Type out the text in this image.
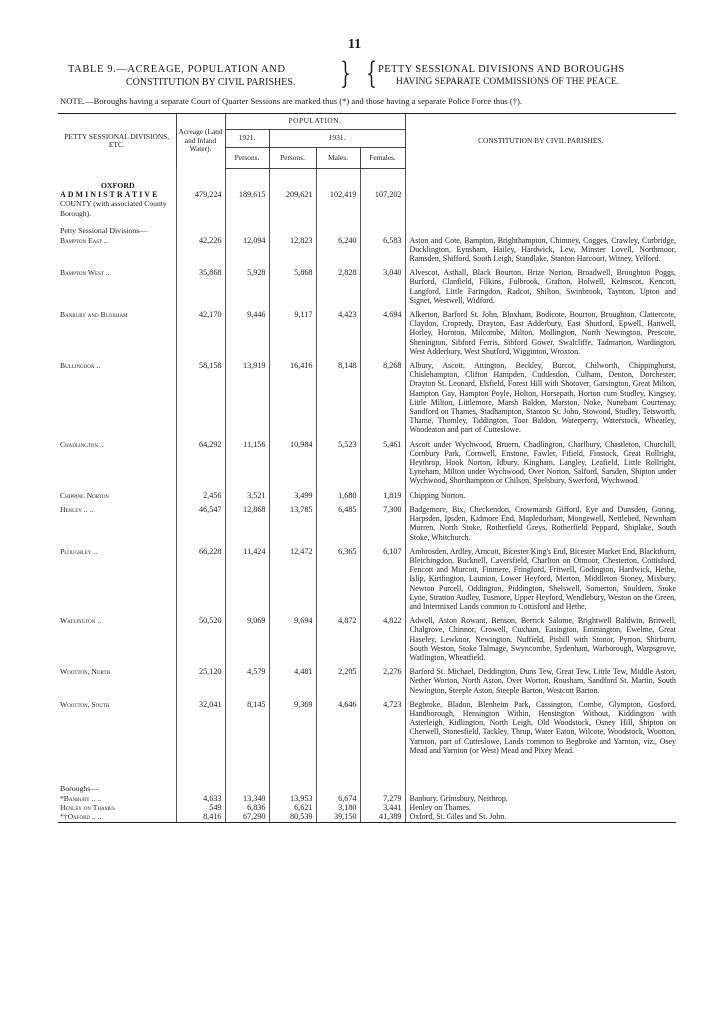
11
TABLE 9.—ACREAGE, POPULATION AND
CONSTITUTION BY CIVIL PARISHES.	} { PETTY SESSIONAL DIVISIONS AND BOROUGHS
HAVING SEPARATE COMMISSIONS OF THE PEACE.
NOTE.—Boroughs having a separate Court of Quarter Sessions are marked thus (*) and those having a separate Police Force thus (†).
PETTY SESSIONAL DIVISIONS, ETC.	Acreage (Land and Inland Water).	POPULATION.				CONSTITUTION BY CIVIL PARISHES.
		1921.	1931.			
		Persons.	Persons.	Males.	Females.	

OXFORD
ADMINISTRATIVE
COUNTY (with associated County Borough).	479,224	189,615	209,621	102,419	107,202	

Petty Sessional Divisions—						
Bampton East ..	42,226	12,094	12,823	6,240	6,583	Aston and Cote, Bampton, Brighthampton, Chimney, Cogges, Crawley, Curbridge, Ducklington, Eynsham, Hailey, Hardwick, Lew, Minster Lovell, Northmoor, Ramsden, Shifford, South Leigh, Standlake, Stanton Harcourt, Witney, Yelford.
Bampton West ..	35,868	5,928	5,868	2,828	3,040	Alvescot, Asthall, Black Bourton, Brize Norton, Broadwell, Broughton Poggs, Burford, Clanfield, Filkins, Fulbrook, Grafton, Holwell, Kelmscot, Kencott, Langford, Little Faringdon, Radcot, Shilton, Swinbrook, Taynton, Upton and Signet, Westwell, Widford.
Banbury and Bloxham	42,170	9,446	9,117	4,423	4,694	Alkerton, Barford St. John, Bloxham, Bodicote, Bourton, Broughton, Clattercote, Claydon, Cropredy, Drayton, East Adderbury, East Shutford, Epwell, Hanwell, Horley, Hornton, Milcombe, Milton, Mollington, North Newington, Prescote, Shenington, Sibford Ferris, Sibford Gower, Swalcliffe, Tadmarton, Wardington, West Adderbury, West Shutford, Wigginton, Wroxton.
Bullingdon ..	58,158	13,919	16,416	8,148	8,268	Albury, Ascott, Attington, Beckley, Burcot, Chilworth, Chippinghurst, Chislehampton, Clifton Hampden, Cuddesdon, Culham, Denton, Dorchester, Drayton St. Leonard, Elsfield, Forest Hill with Shotover, Garsington, Great Milton, Hampton Gay, Hampton Poyle, Holton, Horsepath, Horton cum Studley, Kingsey, Little Milton, Littlemore, Marsh Baldon, Marston, Noke, Nuneham Courtenay, Sandford on Thames, Stadhampton, Stanton St. John, Stowood, Studley, Tetsworth, Thame, Thomley, Tiddington, Toot Baldon, Waterperry, Waterstock, Wheatley, Woodeaton and part of Cutteslowe.
Chadlington ..	64,292	11,156	10,984	5,523	5,461	Ascott under Wychwood, Bruern, Chadlington, Charlbury, Chastleton, Churchill, Cornbury Park, Cornwell, Enstone, Fawler, Fifield, Finstock, Great Rollright, Heythrop, Hook Norton, Idbury, Kingham, Langley, Leafield, Little Rollright, Lyneham, Milton under Wychwood, Over Norton, Salford, Sarsden, Shipton under Wychwood, Shorthampton or Chilson, Spelsbury, Swerford, Wychwood.
Chipping Norton	2,456	3,521	3,499	1,680	1,819	Chipping Norton.
Henley .. ..	46,547	12,868	13,785	6,485	7,300	Badgemore, Bix, Checkendon, Crowmarsh Gifford, Eye and Dunsden, Goring, Harpsden, Ipsden, Kidmore End, Mapledurham, Mongewell, Nettlebed, Newnham Murren, North Stoke, Rotherfield Greys, Rotherfield Peppard, Shiplake, South Stoke, Whitchurch.
Ploughley ..	66,228	11,424	12,472	6,365	6,107	Ambrosden, Ardley, Arncott, Bicester King's End, Bicester Market End, Blackthorn, Bletchingdon, Bucknell, Caversfield, Charlton on Otmoor, Chesterton, Cottisford, Fencott and Murcott, Finmere, Fringford, Fritwell, Godington, Hardwick, Hethe, Islip, Kirtlington, Launton, Lower Heyford, Merton, Middleton Stoney, Mixbury, Newton Purcell, Oddington, Piddington, Shelswell, Somerton, Souldern, Stoke Lyne, Stratton Audley, Tusmore, Upper Heyford, Wendlebury, Weston on the Green, and Intermixed Lands common to Cottisford and Hethe.
Watlington ..	50,520	9,069	9,694	4,872	4,822	Adwell, Aston Rowant, Benson, Berrick Salome, Brightwell Baldwin, Britwell, Chalgrove, Chinnor, Crowell, Cuxham, Easington, Emmington, Ewelme, Great Haseley, Lewknor, Newington, Nuffield, Pishill with Stonor, Pyrton, Shirburn, South Weston, Stoke Talmage, Swyncombe, Sydenham, Warborough, Warpsgrove, Watlington, Wheatfield.
Wootton, North	25,120	4,579	4,481	2,205	2,276	Barford St. Michael, Deddington, Duns Tew, Great Tew, Little Tew, Middle Aston, Nether Worton, North Aston, Over Worton, Rousham, Sandford St. Martin, South Newington, Steeple Aston, Steeple Barton, Westcott Barton.
Wootton, South	32,041	8,145	9,369	4,646	4,723	Begbroke, Bladon, Blenheim Park, Cassington, Combe, Glympton, Gosford, Handborough, Hensington Within, Hensington Without, Kiddington with Asterleigh, Kidlington, North Leigh, Old Woodstock, Osney Hill, Shipton on Cherwell, Stonesfield, Tackley, Thrup, Water Eaton, Wilcote, Woodstock, Wootton, Yarnton, part of Cutteslowe, Lands common to Begbroke and Yarnton, viz., Osey Mead and Yarnton (or West) Mead and Pixey Mead.

Boroughs—						
*Banbury .. ..	4,633	13,340	13,953	6,674	7,279	Banbury, Grimsbury, Neithrop.
Henley on Thames	549	6,836	6,621	3,180	3,441	Henley on Thames.
*†Oxford .. ..	8,416	67,290	80,539	39,150	41,389	Oxford, St. Giles and St. John.
